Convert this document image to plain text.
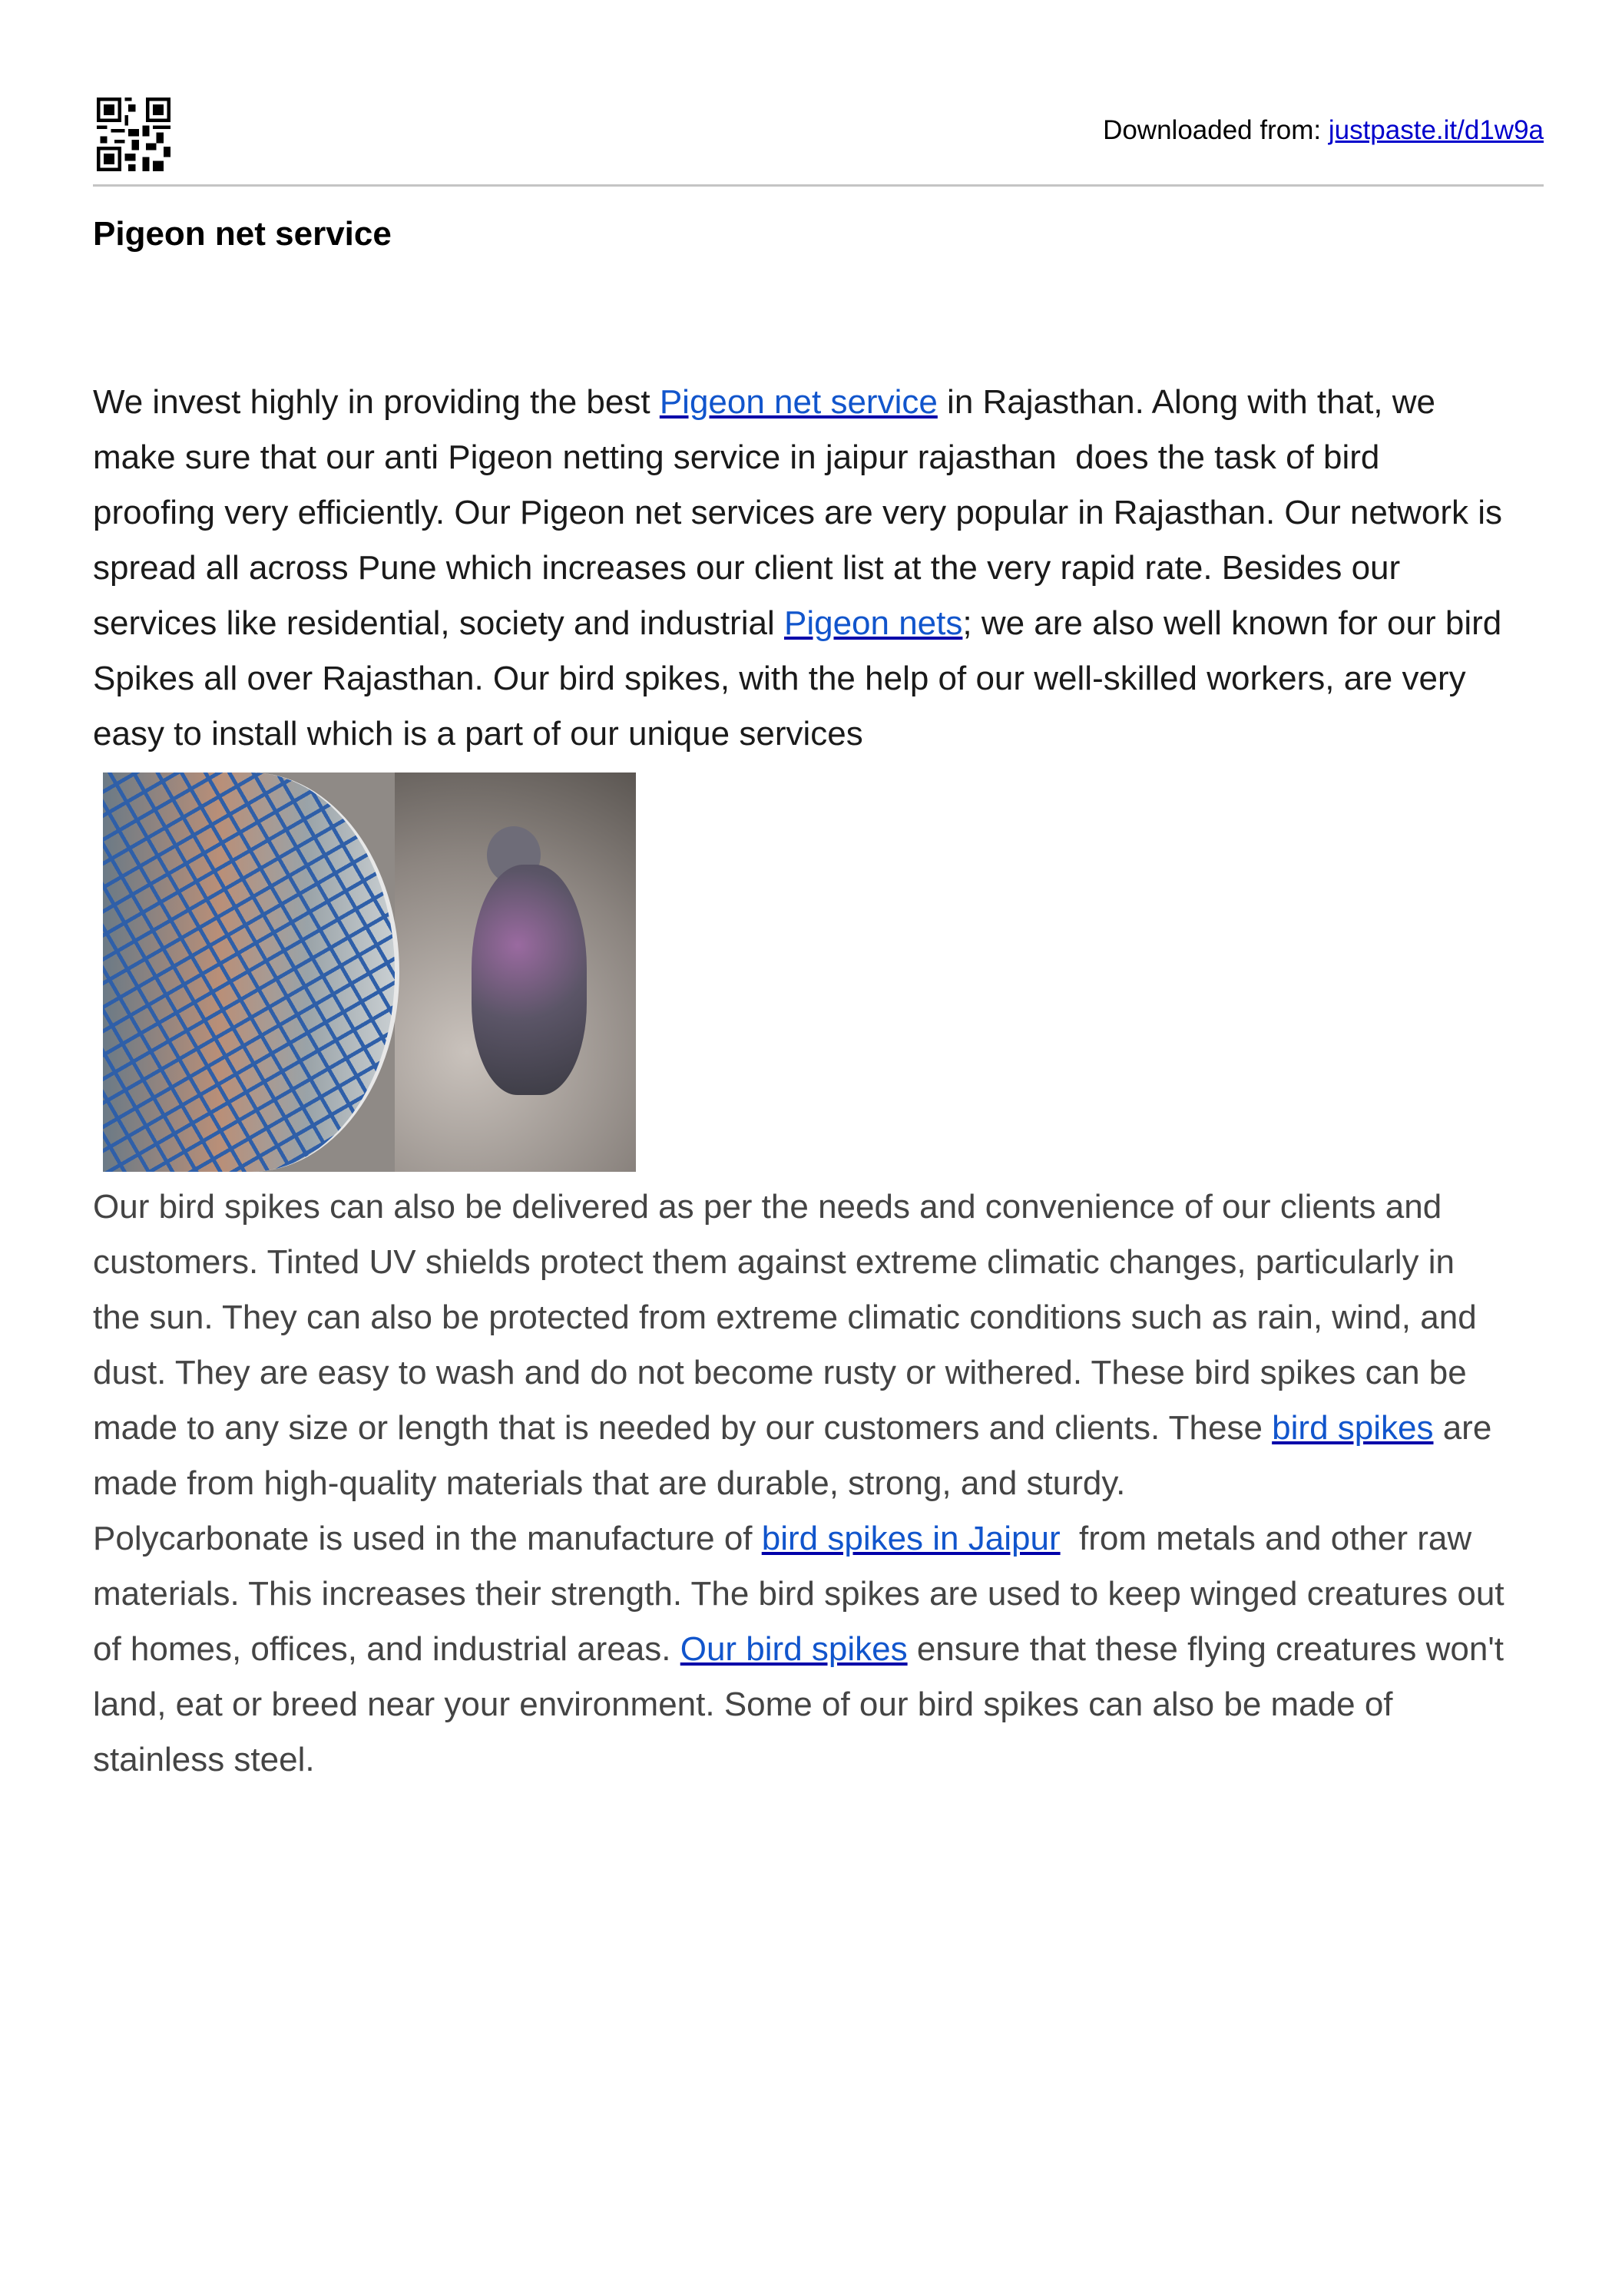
Downloaded from: justpaste.it/d1w9a
Pigeon net service
We invest highly in providing the best Pigeon net service in Rajasthan. Along with that, we
make sure that our anti Pigeon netting service in jaipur rajasthan  does the task of bird
proofing very efficiently. Our Pigeon net services are very popular in Rajasthan. Our network is
spread all across Pune which increases our client list at the very rapid rate. Besides our
services like residential, society and industrial Pigeon nets; we are also well known for our bird
Spikes all over Rajasthan. Our bird spikes, with the help of our well-skilled workers, are very
easy to install which is a part of our unique services
Our bird spikes can also be delivered as per the needs and convenience of our clients and
customers. Tinted UV shields protect them against extreme climatic changes, particularly in
the sun. They can also be protected from extreme climatic conditions such as rain, wind, and
dust. They are easy to wash and do not become rusty or withered. These bird spikes can be
made to any size or length that is needed by our customers and clients. These bird spikes are
made from high-quality materials that are durable, strong, and sturdy.
Polycarbonate is used in the manufacture of bird spikes in Jaipur  from metals and other raw
materials. This increases their strength. The bird spikes are used to keep winged creatures out
of homes, offices, and industrial areas. Our bird spikes ensure that these flying creatures won't
land, eat or breed near your environment. Some of our bird spikes can also be made of
stainless steel.
